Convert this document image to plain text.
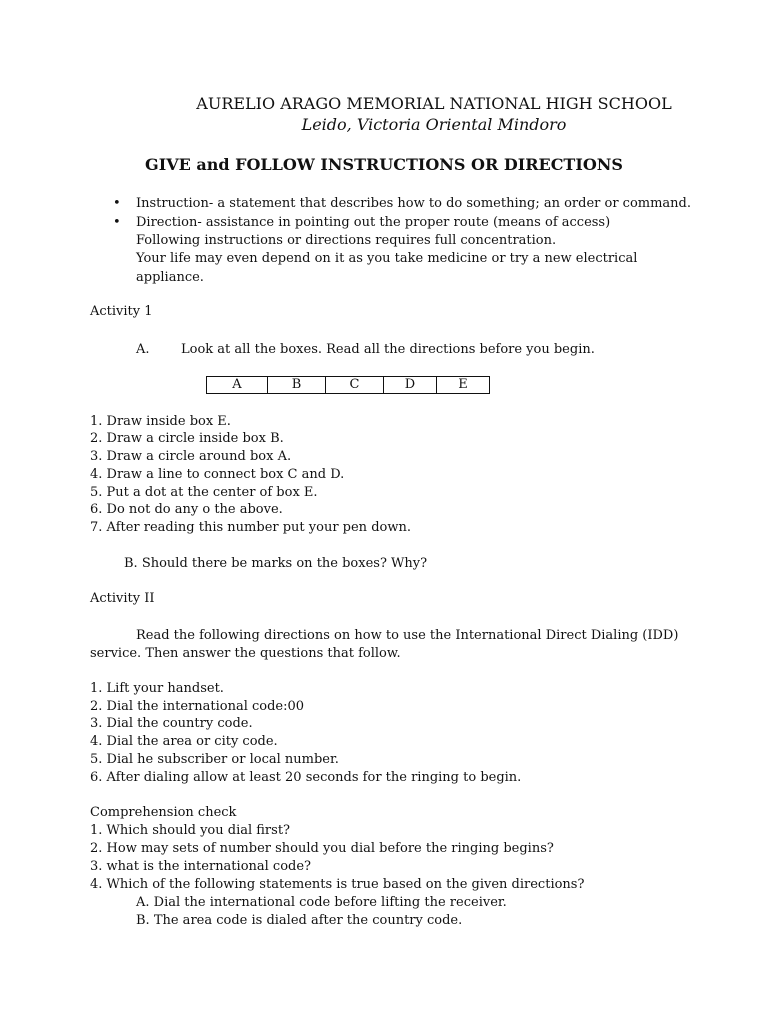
AURELIO ARAGO MEMORIAL NATIONAL HIGH SCHOOL
Leido, Victoria Oriental Mindoro
GIVE and FOLLOW INSTRUCTIONS OR DIRECTIONS
• Instruction- a statement that describes how to do something; an order or command.
• Direction- assistance in pointing out the proper route (means of access)
Following instructions or directions requires full concentration.
Your life may even depend on it as you take medicine or try a new electrical
appliance.
Activity 1
A. Look at all the boxes. Read all the directions before you begin.
A	B	C	D	E
1. Draw inside box E.
2. Draw a circle inside box B.
3. Draw a circle around box A.
4. Draw a line to connect box C and D.
5. Put a dot at the center of box E.
6. Do not do any o the above.
7. After reading this number put your pen down.
B. Should there be marks on the boxes? Why?
Activity II
Read the following directions on how to use the International Direct Dialing (IDD)
service. Then answer the questions that follow.
1. Lift your handset.
2. Dial the international code:00
3. Dial the country code.
4. Dial the area or city code.
5. Dial he subscriber or local number.
6. After dialing allow at least 20 seconds for the ringing to begin.
Comprehension check
1. Which should you dial first?
2. How may sets of number should you dial before the ringing begins?
3. what is the international code?
4. Which of the following statements is true based on the given directions?
A. Dial the international code before lifting the receiver.
B. The area code is dialed after the country code.
